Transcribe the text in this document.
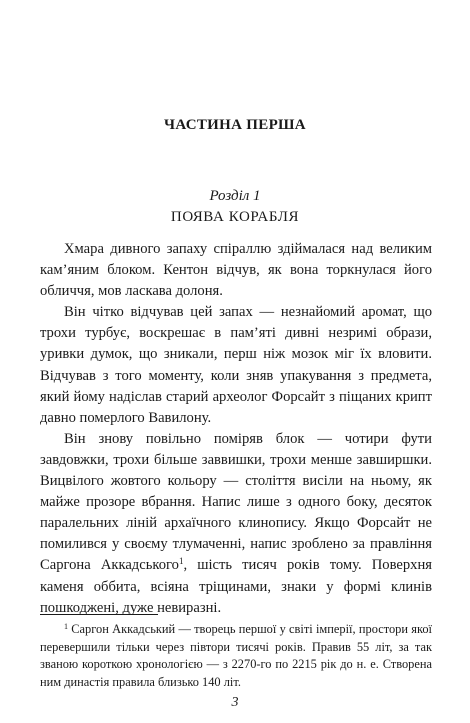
ЧАСТИНА ПЕРША
Розділ 1
ПОЯВА КОРАБЛЯ

Хмара дивного запаху спіраллю здіймалася над великим кам’яним блоком. Кентон відчув, як вона торкнулася його обличчя, мов ласкава долоня.

Він чітко відчував цей запах — незнайомий аромат, що трохи турбує, воскрешає в пам’яті дивні незримі образи, уривки думок, що зникали, перш ніж мозок міг їх вловити. Відчував з того моменту, коли зняв упакування з предмета, який йому надіслав старий археолог Форсайт з піщаних крипт давно померлого Вавилону.

Він знову повільно поміряв блок — чотири фути завдовжки, трохи більше заввишки, трохи менше завширшки. Вицвілого жовтого кольору — століття висіли на ньому, як майже прозоре вбрання. Напис лише з одного боку, десяток паралельних ліній архаїчного клинопису. Якщо Форсайт не помилився у своєму тлумаченні, напис зроблено за правління Саргона Аккадського$^1$, шість тисяч років тому. Поверхня каменя оббита, всіяна тріщинами, знаки у формі клинів пошкоджені, дуже невиразні.

$^1$ Саргон Аккадський — творець першої у світі імперії, простори якої перевершили тільки через півтори тисячі років. Правив 55 літ, за так званою короткою хронологією — з 2270-го по 2215 рік до н. е. Створена ним династія правила близько 140 літ.
3
